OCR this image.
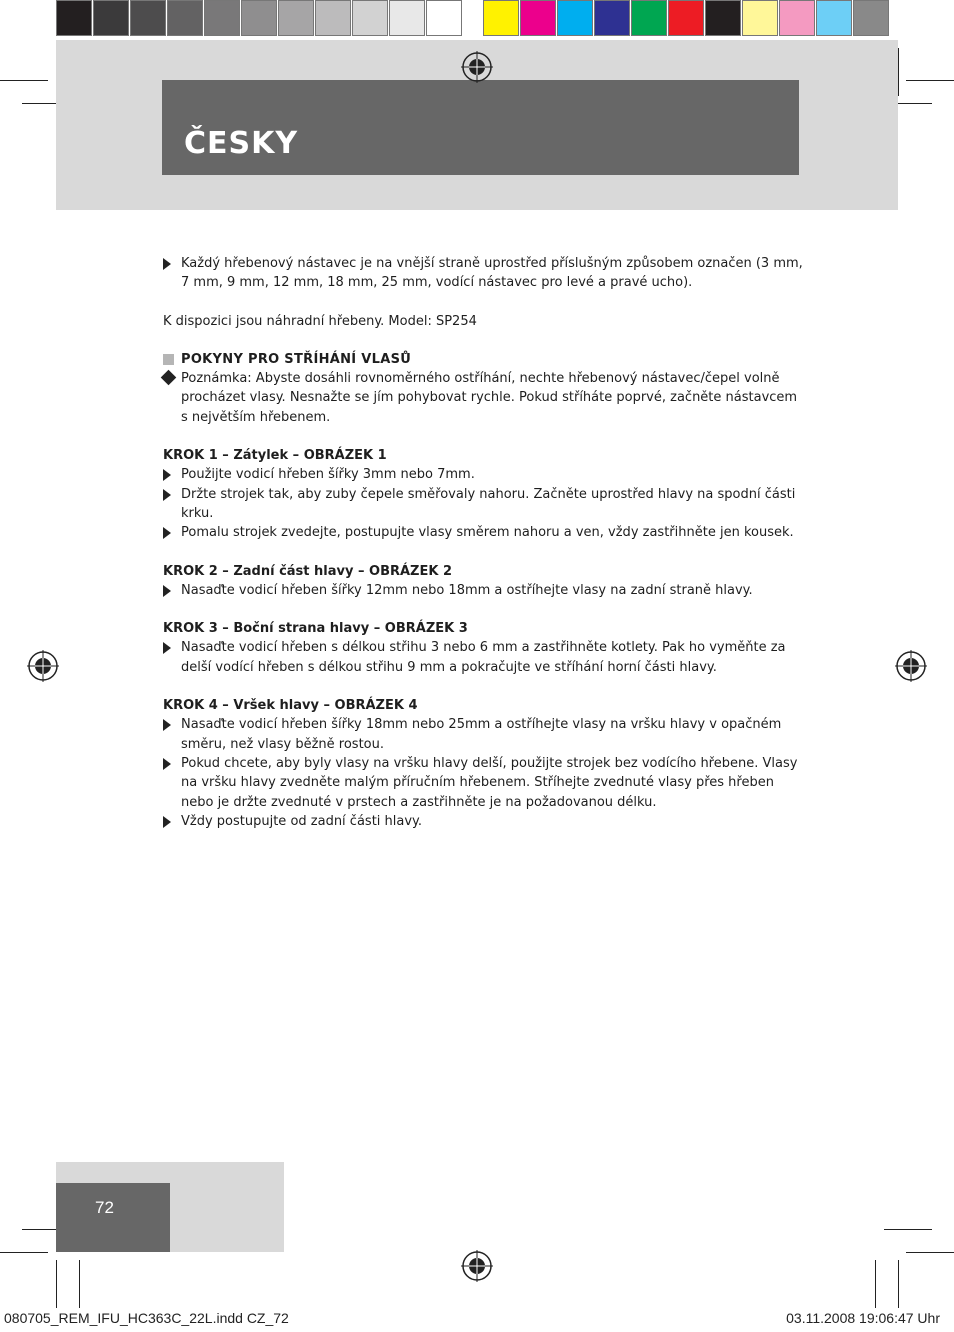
ČESKY
Každý hřebenový nástavec je na vnější straně uprostřed příslušným způsobem označen (3 mm, 7 mm, 9 mm, 12 mm, 18 mm, 25 mm, vodící nástavec pro levé a pravé ucho).

K dispozici jsou náhradní hřebeny. Model: SP254

POKYNY PRO STŘÍHÁNÍ VLASŮ
Poznámka: Abyste dosáhli rovnoměrného ostříhání, nechte hřebenový nástavec/čepel volně procházet vlasy. Nesnažte se jím pohybovat rychle. Pokud stříháte poprvé, začněte nástavcem s největším hřebenem.
KROK 1 – Zátylek – OBRÁZEK 1
Použijte vodicí hřeben šířky 3mm nebo 7mm.
Držte strojek tak, aby zuby čepele směřovaly nahoru. Začněte uprostřed hlavy na spodní části krku.
Pomalu strojek zvedejte, postupujte vlasy směrem nahoru a ven, vždy zastřihněte jen kousek.
KROK 2 – Zadní část hlavy – OBRÁZEK 2
Nasaďte vodicí hřeben šířky 12mm nebo 18mm a ostříhejte vlasy na zadní straně hlavy.
KROK 3 – Boční strana hlavy – OBRÁZEK 3
Nasaďte vodicí hřeben s délkou střihu 3 nebo 6 mm a zastřihněte kotlety. Pak ho vyměňte za delší vodící hřeben s délkou střihu 9 mm a pokračujte ve stříhání horní části hlavy.
KROK 4 – Vršek hlavy – OBRÁZEK 4
Nasaďte vodicí hřeben šířky 18mm nebo 25mm a ostříhejte vlasy na vršku hlavy v opačném směru, než vlasy běžně rostou.
Pokud chcete, aby byly vlasy na vršku hlavy delší, použijte strojek bez vodícího hřebene. Vlasy na vršku hlavy zvedněte malým příručním hřebenem. Stříhejte zvednuté vlasy přes hřeben nebo je držte zvednuté v prstech a zastřihněte je na požadovanou délku.
Vždy postupujte od zadní části hlavy.
72
080705_REM_IFU_HC363C_22L.indd CZ_72	03.11.2008 19:06:47 Uhr
